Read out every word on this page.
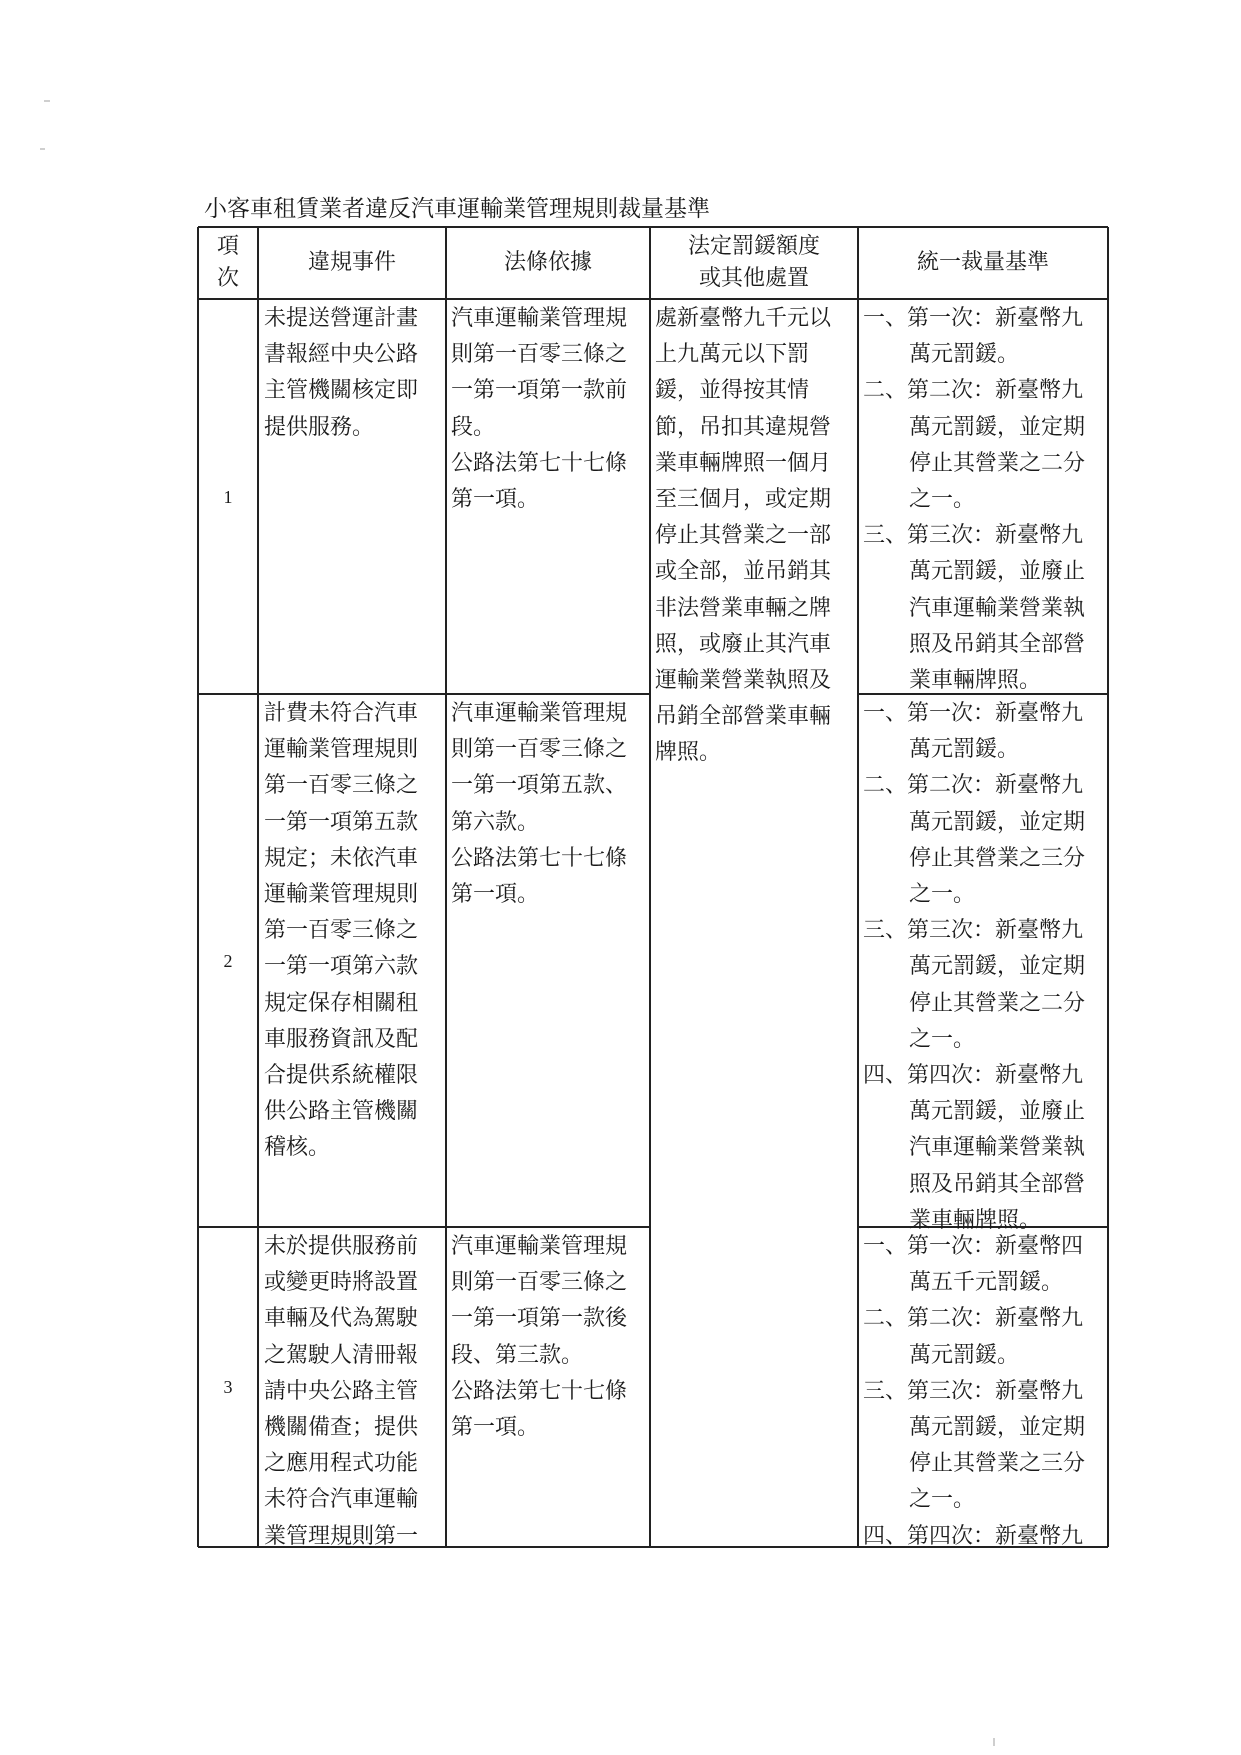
小客車租賃業者違反汽車運輸業管理規則裁量基準
項
次
違規事件	法條依據
法定罰鍰額度
或其他處置
統一裁量基準
處新臺幣九千元以
上九萬元以下罰
鍰，並得按其情
節，吊扣其違規營
業車輛牌照一個月
至三個月，或定期
停止其營業之一部
或全部，並吊銷其
非法營業車輛之牌
照，或廢止其汽車
運輸業營業執照及
吊銷全部營業車輛
牌照。
1
未提送營運計畫
書報經中央公路
主管機關核定即
提供服務。
汽車運輸業管理規
則第一百零三條之
一第一項第一款前
段。
公路法第七十七條
第一項。
一、第一次：新臺幣九
萬元罰鍰。
二、第二次：新臺幣九
萬元罰鍰，並定期
停止其營業之二分
之一。
三、第三次：新臺幣九
萬元罰鍰，並廢止
汽車運輸業營業執
照及吊銷其全部營
業車輛牌照。
2
計費未符合汽車
運輸業管理規則
第一百零三條之
一第一項第五款
規定；未依汽車
運輸業管理規則
第一百零三條之
一第一項第六款
規定保存相關租
車服務資訊及配
合提供系統權限
供公路主管機關
稽核。
汽車運輸業管理規
則第一百零三條之
一第一項第五款、
第六款。
公路法第七十七條
第一項。
一、第一次：新臺幣九
萬元罰鍰。
二、第二次：新臺幣九
萬元罰鍰，並定期
停止其營業之三分
之一。
三、第三次：新臺幣九
萬元罰鍰，並定期
停止其營業之二分
之一。
四、第四次：新臺幣九
萬元罰鍰，並廢止
汽車運輸業營業執
照及吊銷其全部營
業車輛牌照。
3
未於提供服務前
或變更時將設置
車輛及代為駕駛
之駕駛人清冊報
請中央公路主管
機關備查；提供
之應用程式功能
未符合汽車運輸
業管理規則第一
汽車運輸業管理規
則第一百零三條之
一第一項第一款後
段、第三款。
公路法第七十七條
第一項。
一、第一次：新臺幣四
萬五千元罰鍰。
二、第二次：新臺幣九
萬元罰鍰。
三、第三次：新臺幣九
萬元罰鍰，並定期
停止其營業之三分
之一。
四、第四次：新臺幣九
